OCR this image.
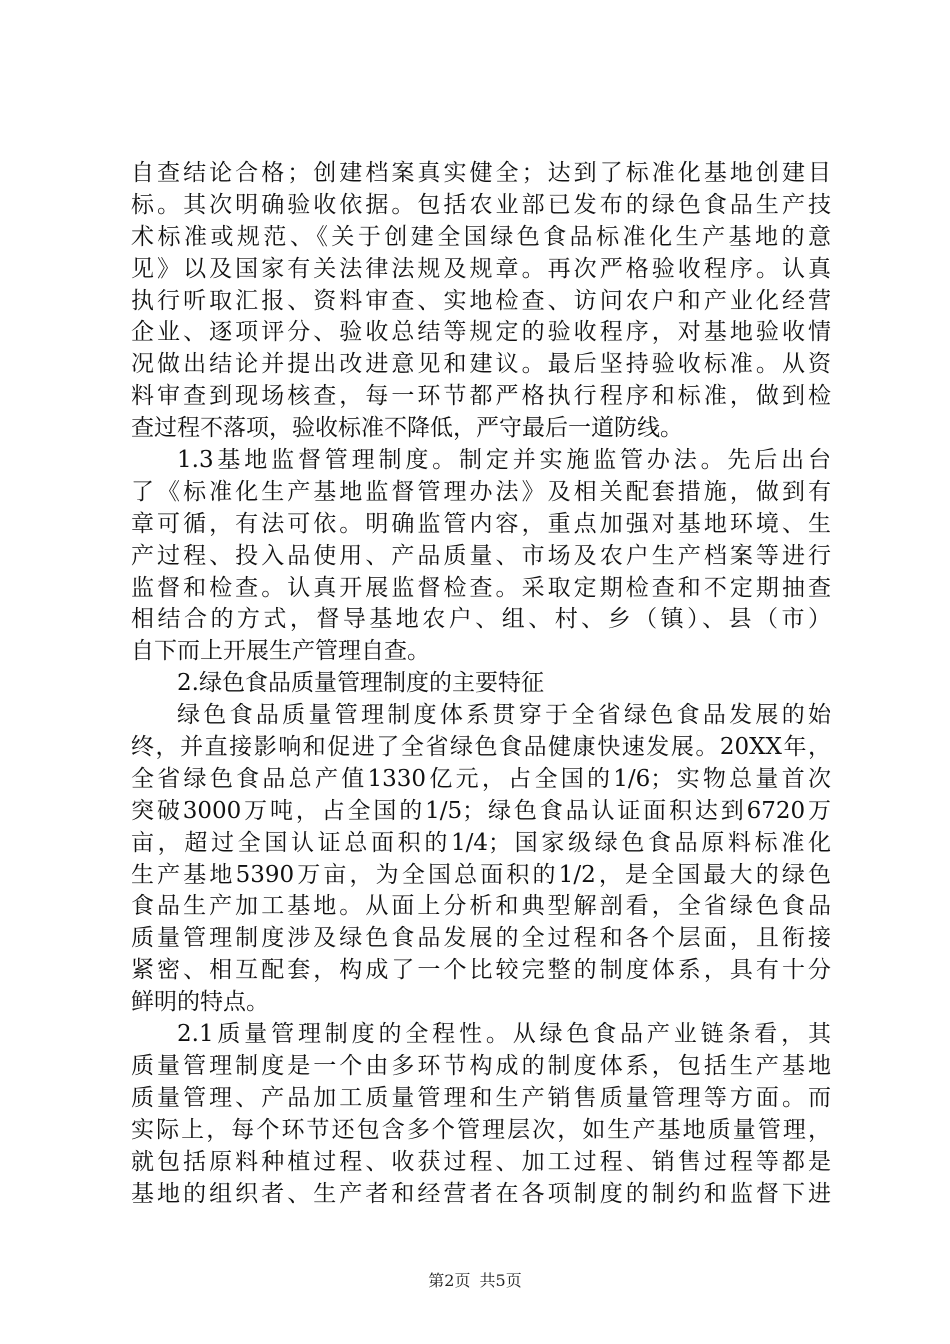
自查结论合格；创建档案真实健全；达到了标准化基地创建目
标。其次明确验收依据。包括农业部已发布的绿色食品生产技
术标准或规范、《关于创建全国绿色食品标准化生产基地的意
见》以及国家有关法律法规及规章。再次严格验收程序。认真
执行听取汇报、资料审查、实地检查、访问农户和产业化经营
企业、逐项评分、验收总结等规定的验收程序，对基地验收情
况做出结论并提出改进意见和建议。最后坚持验收标准。从资
料审查到现场核查，每一环节都严格执行程序和标准，做到检
查过程不落项，验收标准不降低，严守最后一道防线。
1.3基地监督管理制度。制定并实施监管办法。先后出台
了《标准化生产基地监督管理办法》及相关配套措施，做到有
章可循，有法可依。明确监管内容，重点加强对基地环境、生
产过程、投入品使用、产品质量、市场及农户生产档案等进行
监督和检查。认真开展监督检查。采取定期检查和不定期抽查
相结合的方式，督导基地农户、组、村、乡（镇）、县（市）
自下而上开展生产管理自查。
2.绿色食品质量管理制度的主要特征
绿色食品质量管理制度体系贯穿于全省绿色食品发展的始
终，并直接影响和促进了全省绿色食品健康快速发展。20XX年，
全省绿色食品总产值1330亿元，占全国的1/6；实物总量首次
突破3000万吨，占全国的1/5；绿色食品认证面积达到6720万
亩，超过全国认证总面积的1/4；国家级绿色食品原料标准化
生产基地5390万亩，为全国总面积的1/2，是全国最大的绿色
食品生产加工基地。从面上分析和典型解剖看，全省绿色食品
质量管理制度涉及绿色食品发展的全过程和各个层面，且衔接
紧密、相互配套，构成了一个比较完整的制度体系，具有十分
鲜明的特点。
2.1质量管理制度的全程性。从绿色食品产业链条看，其
质量管理制度是一个由多环节构成的制度体系，包括生产基地
质量管理、产品加工质量管理和生产销售质量管理等方面。而
实际上，每个环节还包含多个管理层次，如生产基地质量管理，
就包括原料种植过程、收获过程、加工过程、销售过程等都是
基地的组织者、生产者和经营者在各项制度的制约和监督下进
第2页 共5页
